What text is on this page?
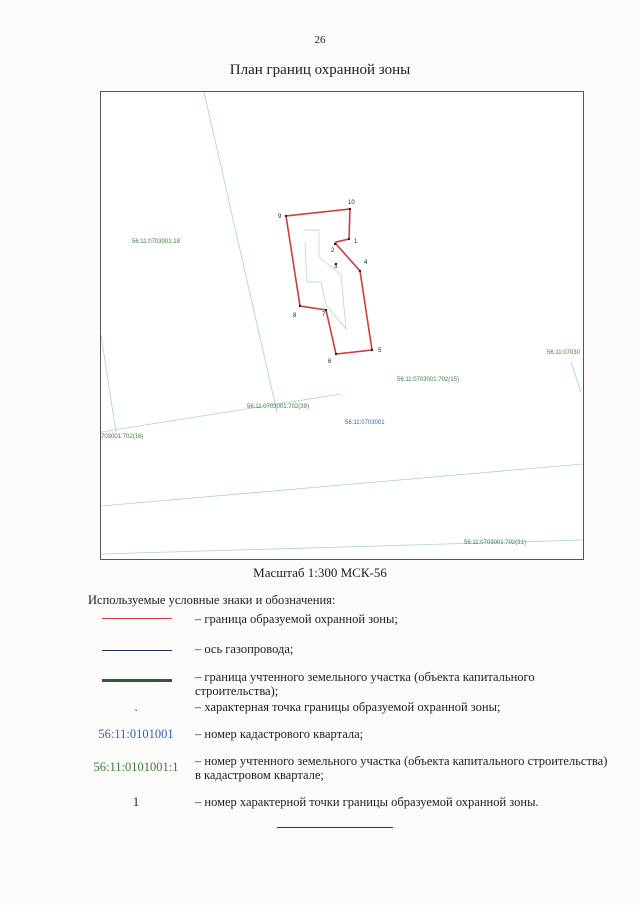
26
План границ охранной зоны
1
2
3
4
5
6
7
8
9
10
56:11:0703001:18
56:11:0703001:702(15)
56:11:0703001:702(39)
703001:702(16)
56:11:0703001:702(31)
56:11:07030
56:11:0703001
Масштаб 1:300 МСК-56
Используемые условные знаки и обозначения:
– граница образуемой охранной зоны;
– ось газопровода;
– граница учтенного земельного участка (объекта капитального строительства);
.	– характерная точка границы образуемой охранной зоны;
56:11:0101001	– номер кадастрового квартала;
56:11:0101001:1	– номер учтенного земельного участка (объекта капитального строительства) в кадастровом квартале;
1	– номер характерной точки границы образуемой охранной зоны.
